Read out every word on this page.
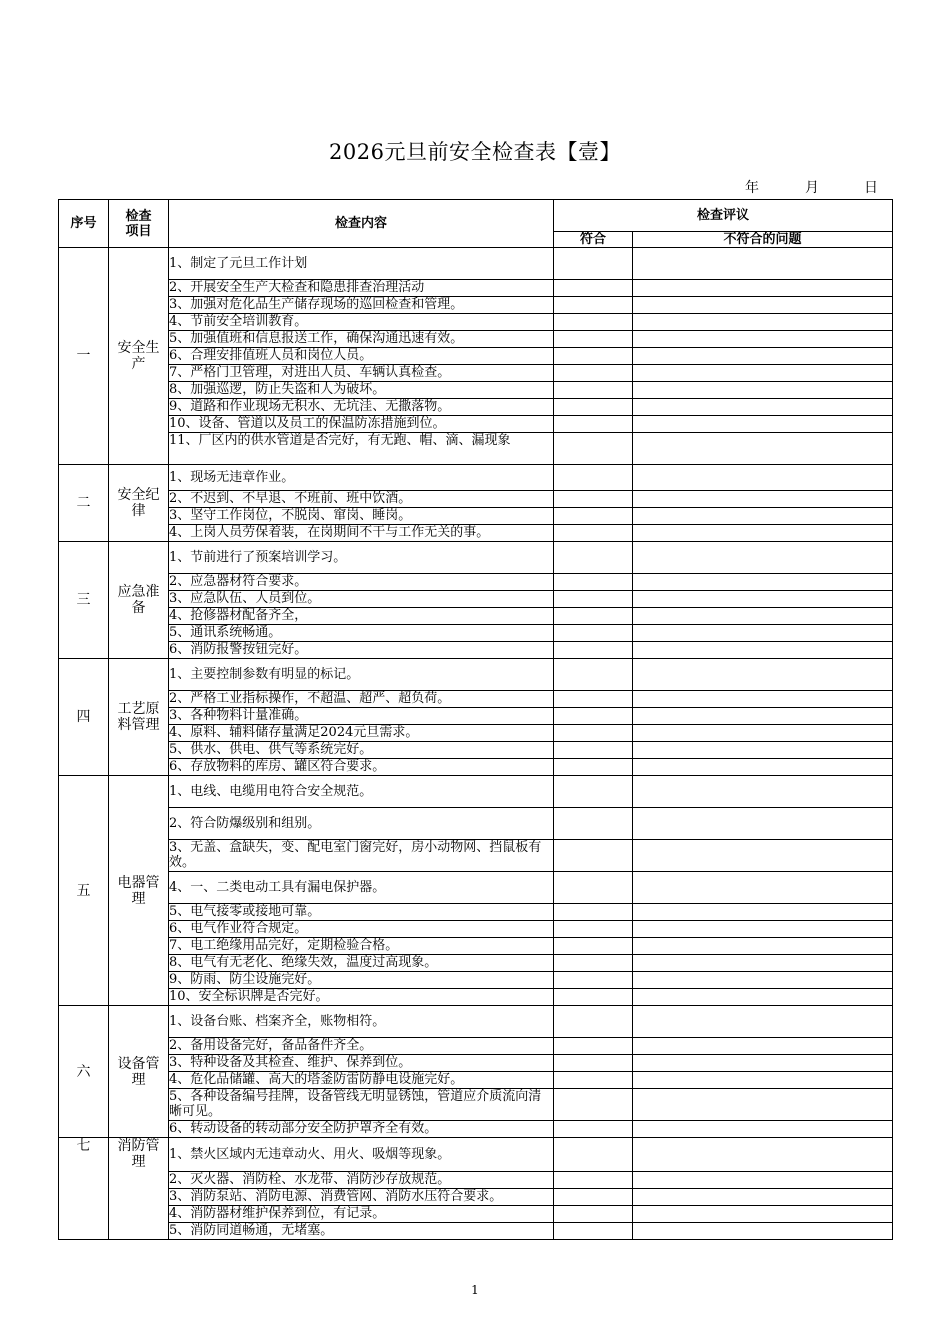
2026元旦前安全检查表【壹】
年	月	日
序号	检查项目	检查内容	检查评议	
			符合	不符合的问题
一	安全生产	1、制定了元旦工作计划		
		2、开展安全生产大检查和隐患排查治理活动		
		3、加强对危化品生产储存现场的巡回检查和管理。		
		4、节前安全培训教育。		
		5、加强值班和信息报送工作，确保沟通迅速有效。		
		6、合理安排值班人员和岗位人员。		
		7、严格门卫管理，对进出人员、车辆认真检查。		
		8、加强巡逻，防止失盗和人为破坏。		
		9、道路和作业现场无积水、无坑洼、无撒落物。		
		10、设备、管道以及员工的保温防冻措施到位。		
		11、厂区内的供水管道是否完好，有无跑、帽、滴、漏现象		
二	安全纪律	1、现场无违章作业。		
		2、不迟到、不早退、不班前、班中饮酒。		
		3、坚守工作岗位，不脱岗、窜岗、睡岗。		
		4、上岗人员劳保着装，在岗期间不干与工作无关的事。		
三	应急准备	1、节前进行了预案培训学习。		
		2、应急器材符合要求。		
		3、应急队伍、人员到位。		
		4、抢修器材配备齐全，		
		5、通讯系统畅通。		
		6、消防报警按钮完好。		
四	工艺原料管理	1、主要控制参数有明显的标记。		
		2、严格工业指标操作，不超温、超严、超负荷。		
		3、各种物料计量准确。		
		4、原料、辅料储存量满足2024元旦需求。		
		5、供水、供电、供气等系统完好。		
		6、存放物料的库房、罐区符合要求。		
五	电器管理	1、电线、电缆用电符合安全规范。		
		2、符合防爆级别和组别。		
		3、无盖、盒缺失，变、配电室门窗完好，房小动物网、挡鼠板有效。		
		4、一、二类电动工具有漏电保护器。		
		5、电气接零或接地可靠。		
		6、电气作业符合规定。		
		7、电工绝缘用品完好，定期检验合格。		
		8、电气有无老化、绝缘失效，温度过高现象。		
		9、防雨、防尘设施完好。		
		10、安全标识牌是否完好。		
六	设备管理	1、设备台账、档案齐全，账物相符。		
		2、备用设备完好，备品备件齐全。		
		3、特种设备及其检查、维护、保养到位。		
		4、危化品储罐、高大的塔釜防雷防静电设施完好。		
		5、各种设备编号挂牌，设备管线无明显锈蚀，管道应介质流向清晰可见。		
		6、转动设备的转动部分安全防护罩齐全有效。		
七	消防管理	1、禁火区域内无违章动火、用火、吸烟等现象。		
		2、灭火器、消防栓、水龙带、消防沙存放规范。		
		3、消防泵站、消防电源、消费管网、消防水压符合要求。		
		4、消防器材维护保养到位，有记录。		
		5、消防同道畅通，无堵塞。		
1
